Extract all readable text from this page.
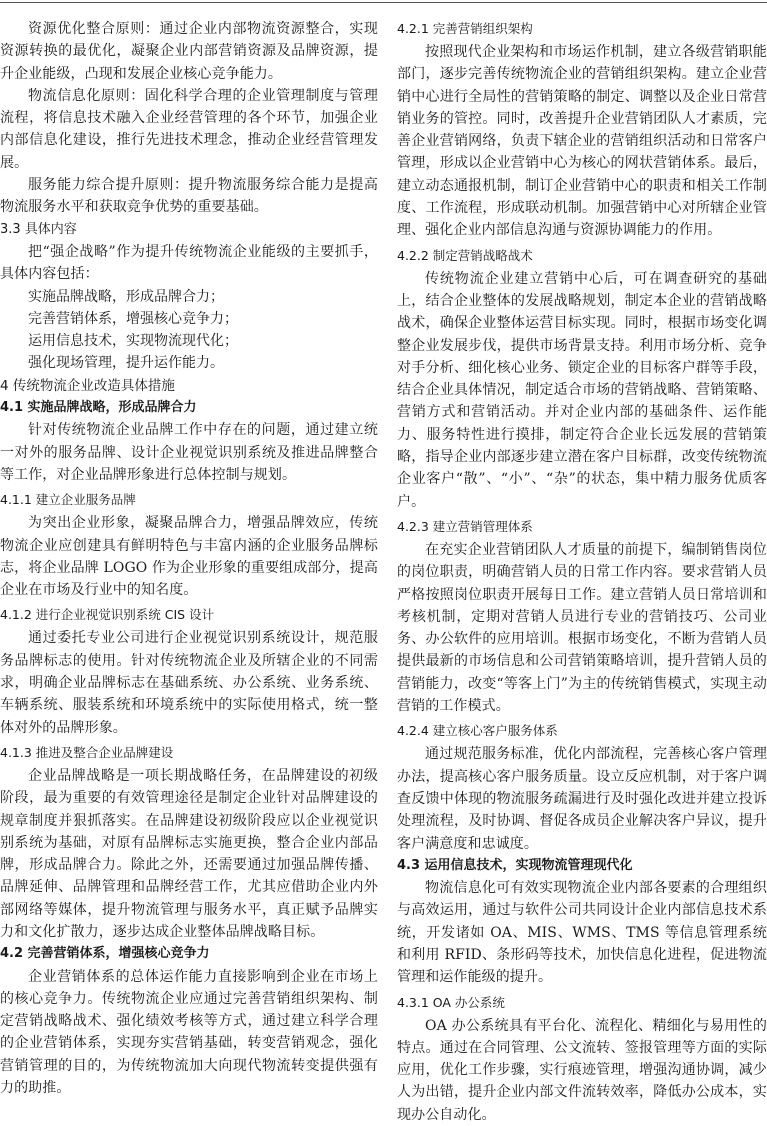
资源优化整合原则：通过企业内部物流资源整合，实现资源转换的最优化，凝聚企业内部营销资源及品牌资源，提升企业能级，凸现和发展企业核心竞争能力。

物流信息化原则：固化科学合理的企业管理制度与管理流程，将信息技术融入企业经营管理的各个环节，加强企业内部信息化建设，推行先进技术理念，推动企业经营管理发展。

服务能力综合提升原则：提升物流服务综合能力是提高物流服务水平和获取竞争优势的重要基础。

3.3 具体内容

把“强企战略”作为提升传统物流企业能级的主要抓手，具体内容包括：

实施品牌战略，形成品牌合力；

完善营销体系，增强核心竞争力；

运用信息技术，实现物流现代化；

强化现场管理，提升运作能力。

4 传统物流企业改造具体措施

4.1 实施品牌战略，形成品牌合力

针对传统物流企业品牌工作中存在的问题，通过建立统一对外的服务品牌、设计企业视觉识别系统及推进品牌整合等工作，对企业品牌形象进行总体控制与规划。

4.1.1 建立企业服务品牌

为突出企业形象，凝聚品牌合力，增强品牌效应，传统物流企业应创建具有鲜明特色与丰富内涵的企业服务品牌标志，将企业品牌 LOGO 作为企业形象的重要组成部分，提高企业在市场及行业中的知名度。

4.1.2 进行企业视觉识别系统 CIS 设计

通过委托专业公司进行企业视觉识别系统设计，规范服务品牌标志的使用。针对传统物流企业及所辖企业的不同需求，明确企业品牌标志在基础系统、办公系统、业务系统、车辆系统、服装系统和环境系统中的实际使用格式，统一整体对外的品牌形象。

4.1.3 推进及整合企业品牌建设

企业品牌战略是一项长期战略任务，在品牌建设的初级阶段，最为重要的有效管理途径是制定企业针对品牌建设的规章制度并狠抓落实。在品牌建设初级阶段应以企业视觉识别系统为基础，对原有品牌标志实施更换，整合企业内部品牌，形成品牌合力。除此之外，还需要通过加强品牌传播、品牌延伸、品牌管理和品牌经营工作，尤其应借助企业内外部网络等媒体，提升物流管理与服务水平，真正赋予品牌实力和文化扩散力，逐步达成企业整体品牌战略目标。

4.2 完善营销体系，增强核心竞争力

企业营销体系的总体运作能力直接影响到企业在市场上的核心竞争力。传统物流企业应通过完善营销组织架构、制定营销战略战术、强化绩效考核等方式，通过建立科学合理的企业营销体系，实现夯实营销基础，转变营销观念，强化营销管理的目的，为传统物流加大向现代物流转变提供强有力的助推。

4.2.1 完善营销组织架构

按照现代企业架构和市场运作机制，建立各级营销职能部门，逐步完善传统物流企业的营销组织架构。建立企业营销中心进行全局性的营销策略的制定、调整以及企业日常营销业务的管控。同时，改善提升企业营销团队人才素质，完善企业营销网络，负责下辖企业的营销组织活动和日常客户管理，形成以企业营销中心为核心的网状营销体系。最后，建立动态通报机制，制订企业营销中心的职责和相关工作制度、工作流程，形成联动机制。加强营销中心对所辖企业管理、强化企业内部信息沟通与资源协调能力的作用。

4.2.2 制定营销战略战术

传统物流企业建立营销中心后，可在调查研究的基础上，结合企业整体的发展战略规划，制定本企业的营销战略战术，确保企业整体运营目标实现。同时，根据市场变化调整企业发展步伐，提供市场背景支持。利用市场分析、竞争对手分析、细化核心业务、锁定企业的目标客户群等手段，结合企业具体情况，制定适合市场的营销战略、营销策略、营销方式和营销活动。并对企业内部的基础条件、运作能力、服务特性进行摸排，制定符合企业长远发展的营销策略，指导企业内部逐步建立潜在客户目标群，改变传统物流企业客户“散”、“小”、“杂”的状态，集中精力服务优质客户。

4.2.3 建立营销管理体系

在充实企业营销团队人才质量的前提下，编制销售岗位的岗位职责，明确营销人员的日常工作内容。要求营销人员严格按照岗位职责开展每日工作。建立营销人员日常培训和考核机制，定期对营销人员进行专业的营销技巧、公司业务、办公软件的应用培训。根据市场变化，不断为营销人员提供最新的市场信息和公司营销策略培训，提升营销人员的营销能力，改变“等客上门”为主的传统销售模式，实现主动营销的工作模式。

4.2.4 建立核心客户服务体系

通过规范服务标准，优化内部流程，完善核心客户管理办法，提高核心客户服务质量。设立反应机制，对于客户调查反馈中体现的物流服务疏漏进行及时强化改进并建立投诉处理流程，及时协调、督促各成员企业解决客户异议，提升客户满意度和忠诚度。

4.3 运用信息技术，实现物流管理现代化

物流信息化可有效实现物流企业内部各要素的合理组织与高效运用，通过与软件公司共同设计企业内部信息技术系统，开发诸如 OA、MIS、WMS、TMS 等信息管理系统和利用 RFID、条形码等技术，加快信息化进程，促进物流管理和运作能级的提升。

4.3.1 OA 办公系统

OA 办公系统具有平台化、流程化、精细化与易用性的特点。通过在合同管理、公文流转、签报管理等方面的实际应用，优化工作步骤，实行痕迹管理，增强沟通协调，减少人为出错，提升企业内部文件流转效率，降低办公成本，实现办公自动化。
